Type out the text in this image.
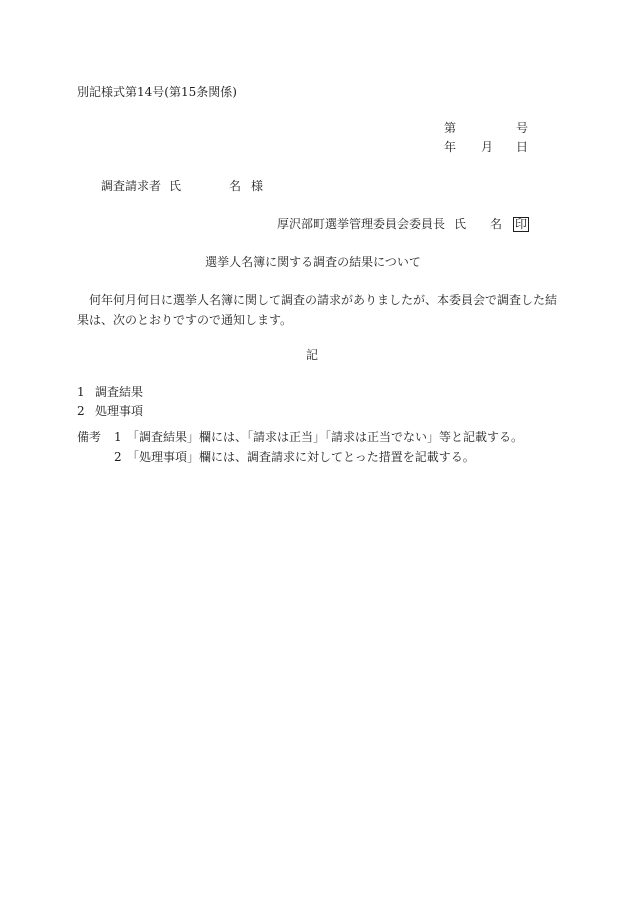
別記様式第14号(第15条関係)
第	号
年 月 日
調査請求者 氏	名 様
厚沢部町選挙管理委員会委員長 氏 名 印
選挙人名簿に関する調査の結果について
何年何月何日に選挙人名簿に関して調査の請求がありましたが、本委員会で調査した結
果は、次のとおりですので通知します。
記
1 調査結果
2 処理事項
備考 1 「調査結果」欄には、「請求は正当」「請求は正当でない」等と記載する。
2 「処理事項」欄には、調査請求に対してとった措置を記載する。
